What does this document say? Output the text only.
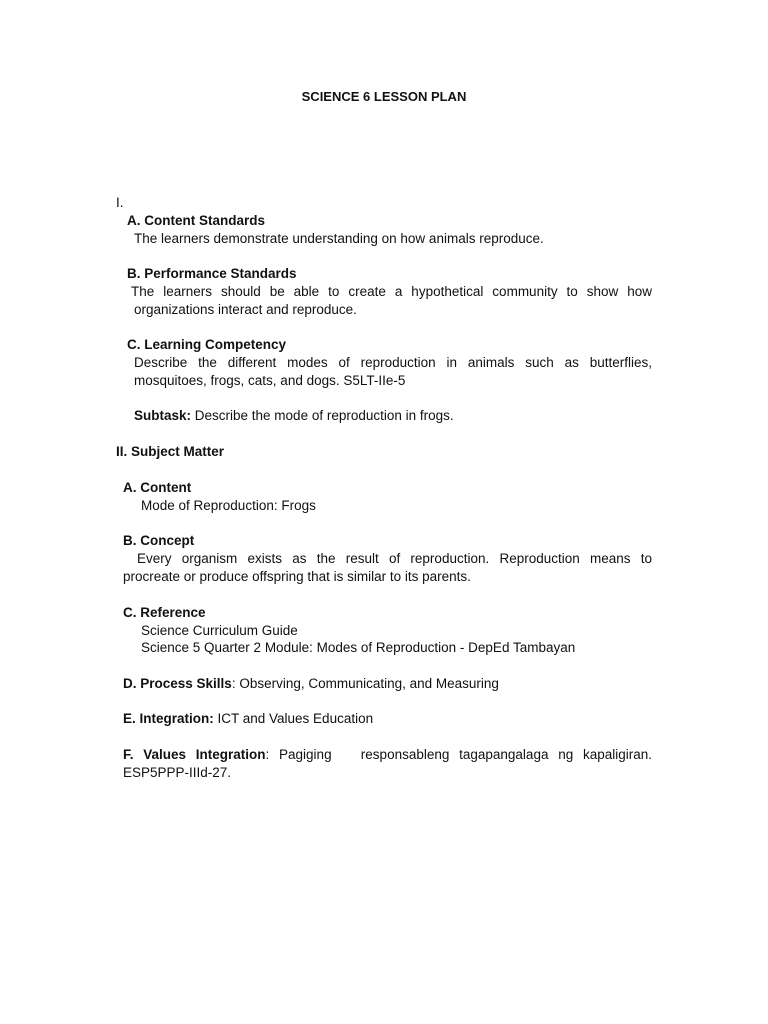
SCIENCE 6 LESSON PLAN
I.
A. Content Standards
The learners demonstrate understanding on how animals reproduce.
B. Performance Standards
The learners should be able to create a hypothetical community to show how
organizations interact and reproduce.
C. Learning Competency
Describe the different modes of reproduction in animals such as butterflies,
mosquitoes, frogs, cats, and dogs. S5LT-IIe-5
Subtask: Describe the mode of reproduction in frogs.
II. Subject Matter
A. Content
Mode of Reproduction: Frogs
B. Concept
Every organism exists as the result of reproduction. Reproduction means to
procreate or produce offspring that is similar to its parents.
C. Reference
Science Curriculum Guide
Science 5 Quarter 2 Module: Modes of Reproduction - DepEd Tambayan
D. Process Skills: Observing, Communicating, and Measuring
E. Integration: ICT and Values Education
F. Values Integration: Pagiging   responsableng tagapangalaga ng kapaligiran.
ESP5PPP-IIId-27.
